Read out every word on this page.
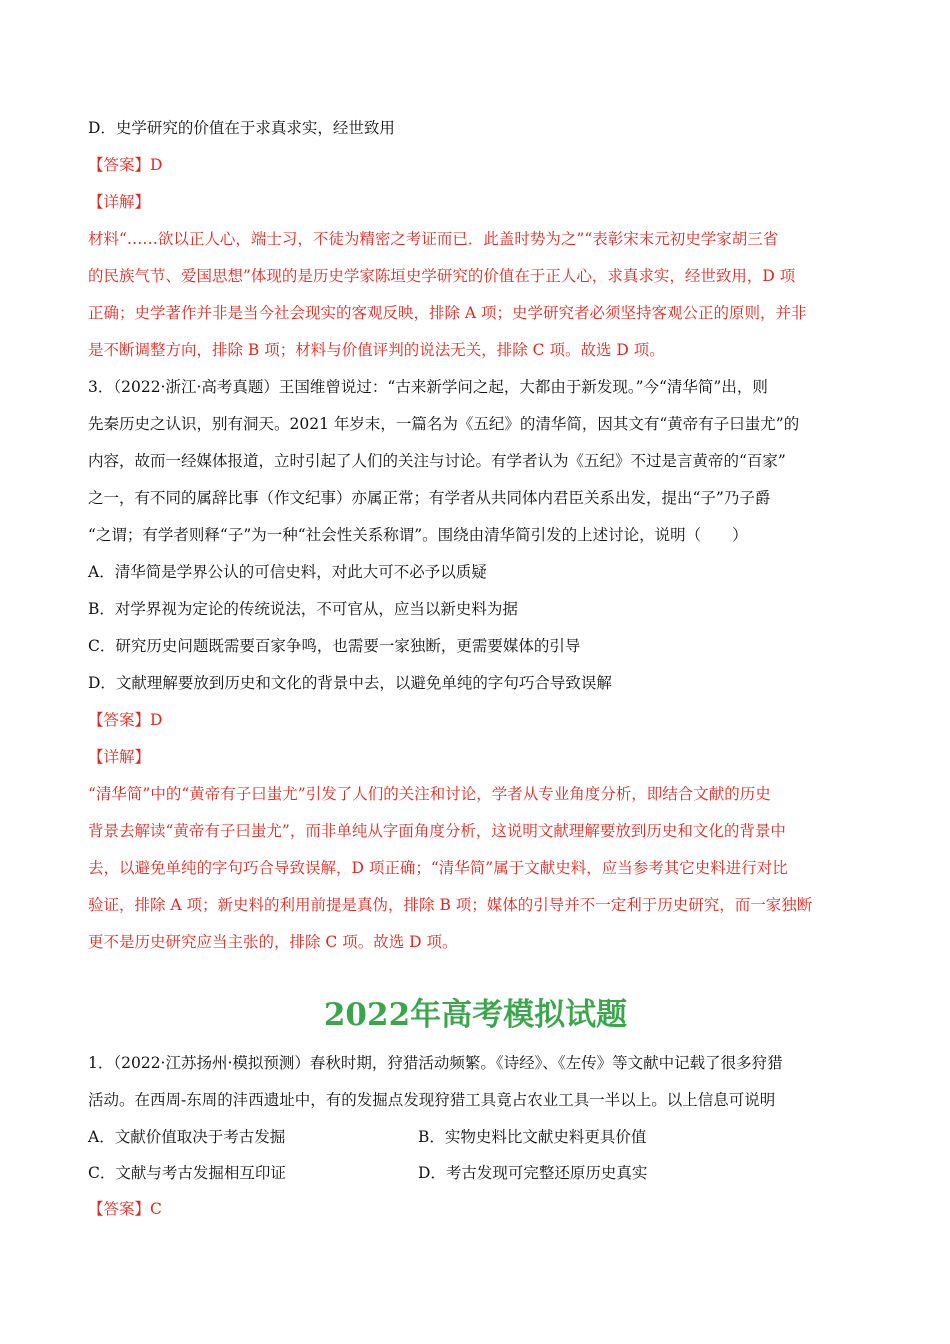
D．史学研究的价值在于求真求实，经世致用
【答案】D
【详解】
材料“……欲以正人心，端士习，不徒为精密之考证而已．此盖时势为之”“表彰宋末元初史学家胡三省
的民族气节、爱国思想”体现的是历史学家陈垣史学研究的价值在于正人心，求真求实，经世致用，D 项
正确；史学著作并非是当今社会现实的客观反映，排除 A 项；史学研究者必须坚持客观公正的原则，并非
是不断调整方向，排除 B 项；材料与价值评判的说法无关，排除 C 项。故选 D 项。
3．（2022·浙江·高考真题）王国维曾说过：“古来新学问之起，大都由于新发现。”今“清华简”出，则
先秦历史之认识，别有洞天。2021 年岁末，一篇名为《五纪》的清华简，因其文有“黄帝有子曰蚩尤”的
内容，故而一经媒体报道，立时引起了人们的关注与讨论。有学者认为《五纪》不过是言黄帝的“百家”
之一，有不同的属辞比事（作文纪事）亦属正常；有学者从共同体内君臣关系出发，提出“子”乃子爵
“之谓；有学者则释“子”为一种“社会性关系称谓”。围绕由清华简引发的上述讨论，说明（　　）
A．清华简是学界公认的可信史料，对此大可不必予以质疑
B．对学界视为定论的传统说法，不可官从，应当以新史料为据
C．研究历史问题既需要百家争鸣，也需要一家独断，更需要媒体的引导
D．文献理解要放到历史和文化的背景中去，以避免单纯的字句巧合导致误解
【答案】D
【详解】
“清华简”中的“黄帝有子曰蚩尤”引发了人们的关注和讨论，学者从专业角度分析，即结合文献的历史
背景去解读“黄帝有子曰蚩尤”，而非单纯从字面角度分析，这说明文献理解要放到历史和文化的背景中
去，以避免单纯的字句巧合导致误解，D 项正确；“清华简”属于文献史料，应当参考其它史料进行对比
验证，排除 A 项；新史料的利用前提是真伪，排除 B 项；媒体的引导并不一定利于历史研究，而一家独断
更不是历史研究应当主张的，排除 C 项。故选 D 项。
2022年高考模拟试题
1．（2022·江苏扬州·模拟预测）春秋时期，狩猎活动频繁。《诗经》、《左传》等文献中记载了很多狩猎
活动。在西周-东周的沣西遗址中，有的发掘点发现狩猎工具竟占农业工具一半以上。以上信息可说明
A．文献价值取决于考古发掘	B．实物史料比文献史料更具价值
C．文献与考古发掘相互印证	D．考古发现可完整还原历史真实
【答案】C
